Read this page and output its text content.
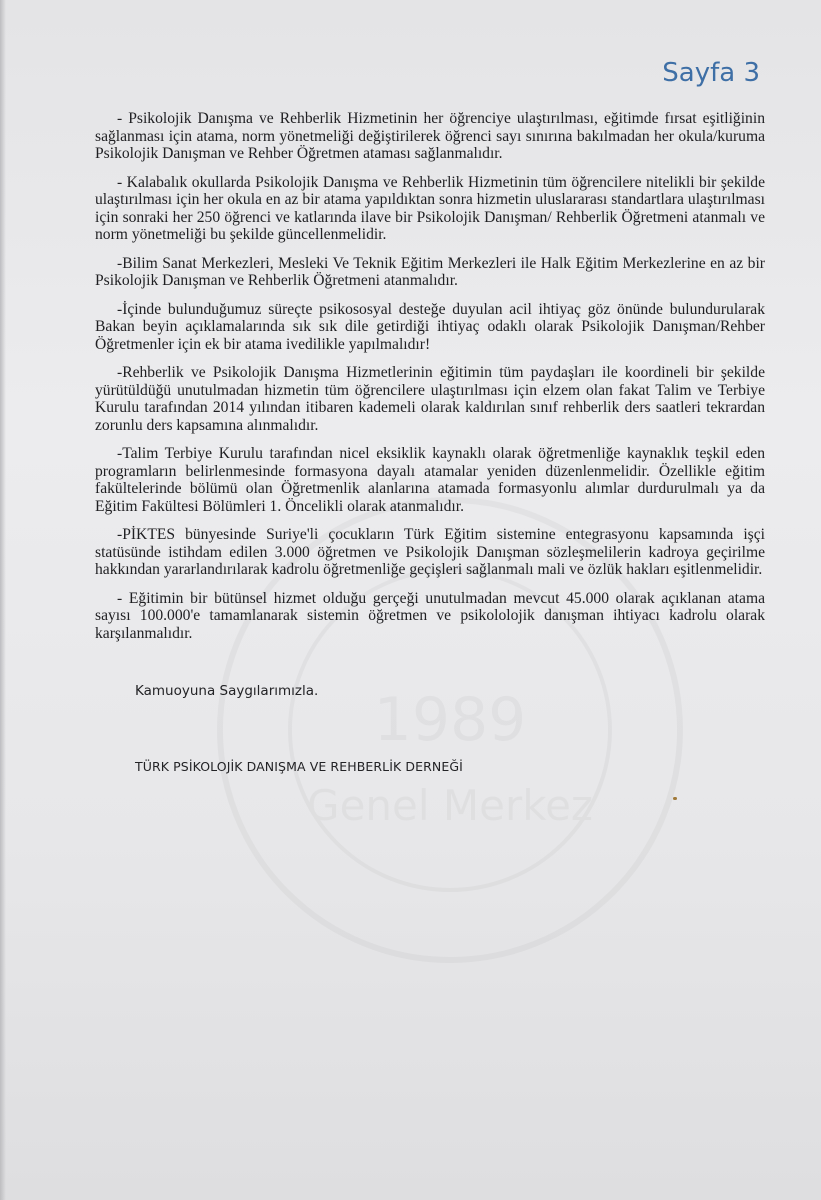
1989
Genel Merkez
Sayfa 3

- Psikolojik Danışma ve Rehberlik Hizmetinin her öğrenciye ulaştırılması, eğitimde fırsat eşitliğinin sağlanması için atama, norm yönetmeliği değiştirilerek öğrenci sayı sınırına bakılmadan her okula/kuruma Psikolojik Danışman ve Rehber Öğretmen ataması sağlanmalıdır.

- Kalabalık okullarda Psikolojik Danışma ve Rehberlik Hizmetinin tüm öğrencilere nitelikli bir şekilde ulaştırılması için her okula en az bir atama yapıldıktan sonra hizmetin uluslararası standartlara ulaştırılması için sonraki her 250 öğrenci ve katlarında ilave bir Psikolojik Danışman/ Rehberlik Öğretmeni atanmalı ve norm yönetmeliği bu şekilde güncellenmelidir.

-Bilim Sanat Merkezleri, Mesleki Ve Teknik Eğitim Merkezleri ile Halk Eğitim Merkezlerine en az bir Psikolojik Danışman ve Rehberlik Öğretmeni atanmalıdır.

-İçinde bulunduğumuz süreçte psikososyal desteğe duyulan acil ihtiyaç göz önünde bulundurularak Bakan beyin açıklamalarında sık sık dile getirdiği ihtiyaç odaklı olarak Psikolojik Danışman/Rehber Öğretmenler için ek bir atama ivedilikle yapılmalıdır!

-Rehberlik ve Psikolojik Danışma Hizmetlerinin eğitimin tüm paydaşları ile koordineli bir şekilde yürütüldüğü unutulmadan hizmetin tüm öğrencilere ulaştırılması için elzem olan fakat Talim ve Terbiye Kurulu tarafından 2014 yılından itibaren kademeli olarak kaldırılan sınıf rehberlik ders saatleri tekrardan zorunlu ders kapsamına alınmalıdır.

-Talim Terbiye Kurulu tarafından nicel eksiklik kaynaklı olarak öğretmenliğe kaynaklık teşkil eden programların belirlenmesinde formasyona dayalı atamalar yeniden düzenlenmelidir. Özellikle eğitim fakültelerinde bölümü olan Öğretmenlik alanlarına atamada formasyonlu alımlar durdurulmalı ya da Eğitim Fakültesi Bölümleri 1. Öncelikli olarak atanmalıdır.

-PİKTES bünyesinde Suriye'li çocukların Türk Eğitim sistemine entegrasyonu kapsamında işçi statüsünde istihdam edilen 3.000 öğretmen ve Psikolojik Danışman sözleşmelilerin kadroya geçirilme hakkından yararlandırılarak kadrolu öğretmenliğe geçişleri sağlanmalı mali ve özlük hakları eşitlenmelidir.

- Eğitimin bir bütünsel hizmet olduğu gerçeği unutulmadan mevcut 45.000 olarak açıklanan atama sayısı 100.000'e tamamlanarak sistemin öğretmen ve psikololojik danışman ihtiyacı kadrolu olarak karşılanmalıdır.

Kamuoyuna Saygılarımızla.
TÜRK PSİKOLOJİK DANIŞMA VE REHBERLİK DERNEĞİ
